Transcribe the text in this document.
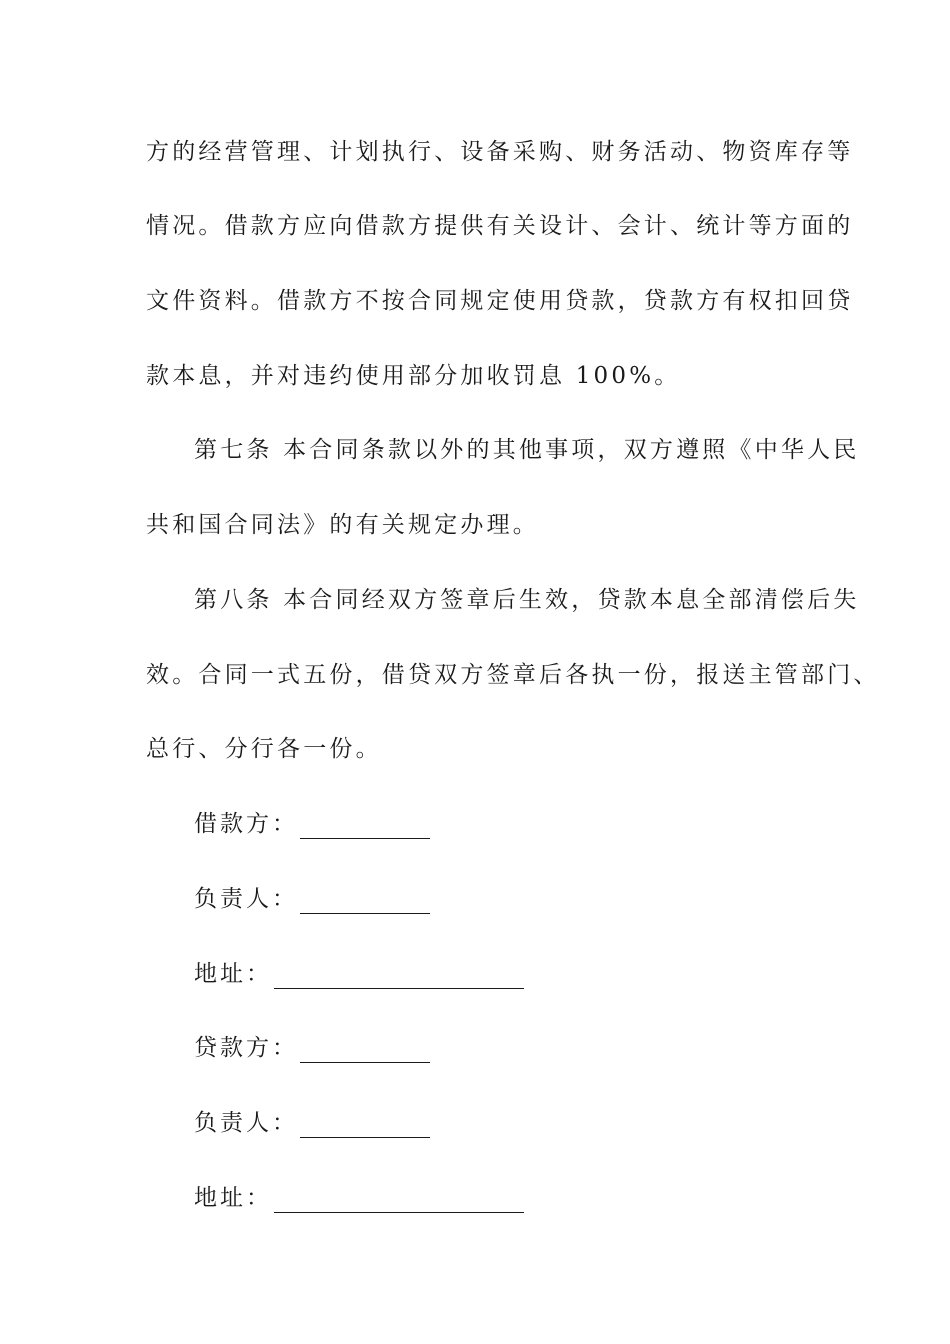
方的经营管理、计划执行、设备采购、财务活动、物资库存等
情况。借款方应向借款方提供有关设计、会计、统计等方面的
文件资料。借款方不按合同规定使用贷款，贷款方有权扣回贷
款本息，并对违约使用部分加收罚息 100%。
第七条 本合同条款以外的其他事项，双方遵照《中华人民
共和国合同法》的有关规定办理。
第八条 本合同经双方签章后生效，贷款本息全部清偿后失
效。合同一式五份，借贷双方签章后各执一份，报送主管部门、
总行、分行各一份。
借款方：
负责人：
地址：
贷款方：
负责人：
地址：
